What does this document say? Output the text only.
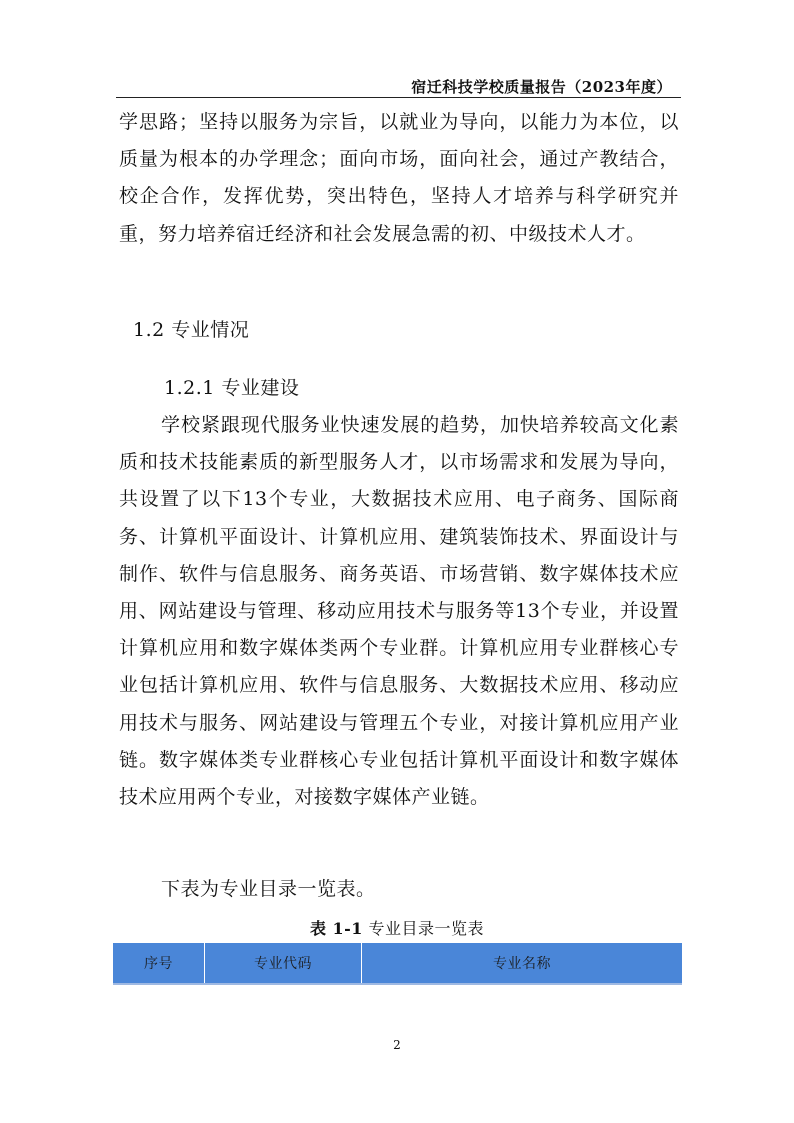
宿迁科技学校质量报告（2023年度）
学思路；坚持以服务为宗旨，以就业为导向，以能力为本位，以质量为根本的办学理念；面向市场，面向社会，通过产教结合，校企合作，发挥优势，突出特色，坚持人才培养与科学研究并重，努力培养宿迁经济和社会发展急需的初、中级技术人才。
1.2 专业情况
1.2.1 专业建设
学校紧跟现代服务业快速发展的趋势，加快培养较高文化素质和技术技能素质的新型服务人才，以市场需求和发展为导向，共设置了以下13个专业，大数据技术应用、电子商务、国际商务、计算机平面设计、计算机应用、建筑装饰技术、界面设计与制作、软件与信息服务、商务英语、市场营销、数字媒体技术应用、网站建设与管理、移动应用技术与服务等13个专业，并设置计算机应用和数字媒体类两个专业群。计算机应用专业群核心专业包括计算机应用、软件与信息服务、大数据技术应用、移动应用技术与服务、网站建设与管理五个专业，对接计算机应用产业链。数字媒体类专业群核心专业包括计算机平面设计和数字媒体技术应用两个专业，对接数字媒体产业链。
下表为专业目录一览表。
表 1-1 专业目录一览表
序号	专业代码	专业名称
2
